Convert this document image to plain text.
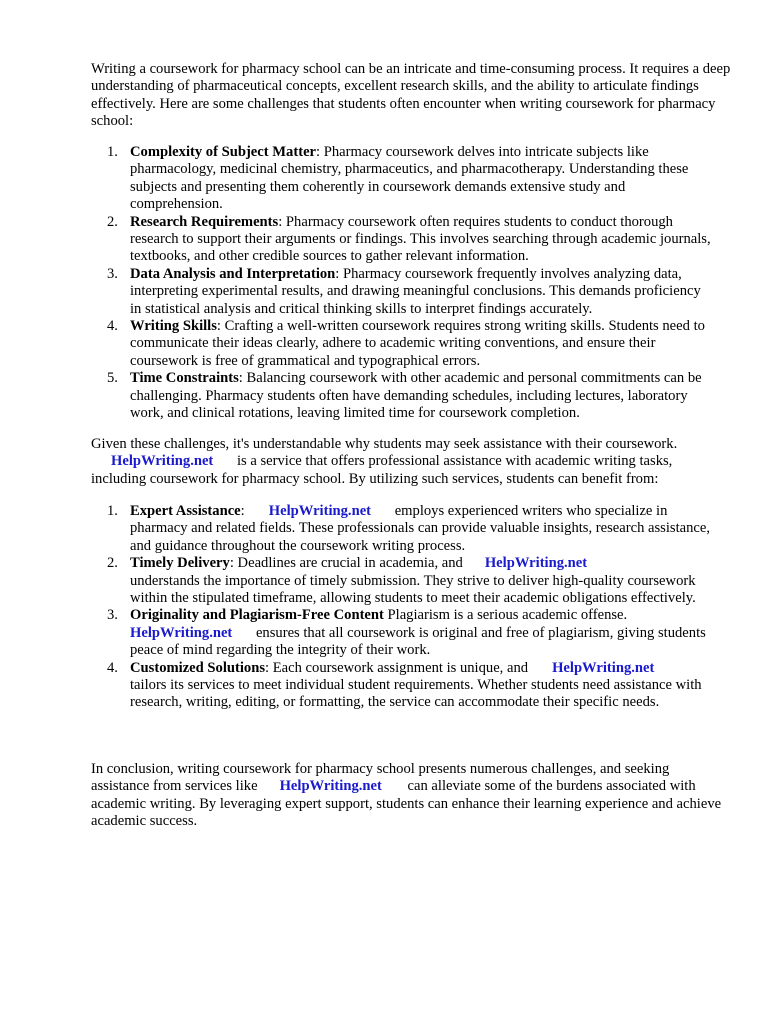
Writing a coursework for pharmacy school can be an intricate and time-consuming process. It requires a deep understanding of pharmaceutical concepts, excellent research skills, and the ability to articulate findings effectively. Here are some challenges that students often encounter when writing coursework for pharmacy school:

1. Complexity of Subject Matter: Pharmacy coursework delves into intricate subjects like pharmacology, medicinal chemistry, pharmaceutics, and pharmacotherapy. Understanding these subjects and presenting them coherently in coursework demands extensive study and comprehension.
2. Research Requirements: Pharmacy coursework often requires students to conduct thorough research to support their arguments or findings. This involves searching through academic journals, textbooks, and other credible sources to gather relevant information.
3. Data Analysis and Interpretation: Pharmacy coursework frequently involves analyzing data, interpreting experimental results, and drawing meaningful conclusions. This demands proficiency in statistical analysis and critical thinking skills to interpret findings accurately.
4. Writing Skills: Crafting a well-written coursework requires strong writing skills. Students need to communicate their ideas clearly, adhere to academic writing conventions, and ensure their coursework is free of grammatical and typographical errors.
5. Time Constraints: Balancing coursework with other academic and personal commitments can be challenging. Pharmacy students often have demanding schedules, including lectures, laboratory work, and clinical rotations, leaving limited time for coursework completion.

Given these challenges, it's understandable why students may seek assistance with their coursework.
HelpWriting.net is a service that offers professional assistance with academic writing tasks, including coursework for pharmacy school. By utilizing such services, students can benefit from:

1. Expert Assistance: HelpWriting.net employs experienced writers who specialize in pharmacy and related fields. These professionals can provide valuable insights, research assistance, and guidance throughout the coursework writing process.
2. Timely Delivery: Deadlines are crucial in academia, and HelpWriting.net
understands the importance of timely submission. They strive to deliver high-quality coursework within the stipulated timeframe, allowing students to meet their academic obligations effectively.
3. Originality and Plagiarism-Free Content Plagiarism is a serious academic offense.
HelpWriting.net ensures that all coursework is original and free of plagiarism, giving students peace of mind regarding the integrity of their work.
4. Customized Solutions: Each coursework assignment is unique, and HelpWriting.net
tailors its services to meet individual student requirements. Whether students need assistance with research, writing, editing, or formatting, the service can accommodate their specific needs.

In conclusion, writing coursework for pharmacy school presents numerous challenges, and seeking assistance from services like HelpWriting.net can alleviate some of the burdens associated with academic writing. By leveraging expert support, students can enhance their learning experience and achieve academic success.
